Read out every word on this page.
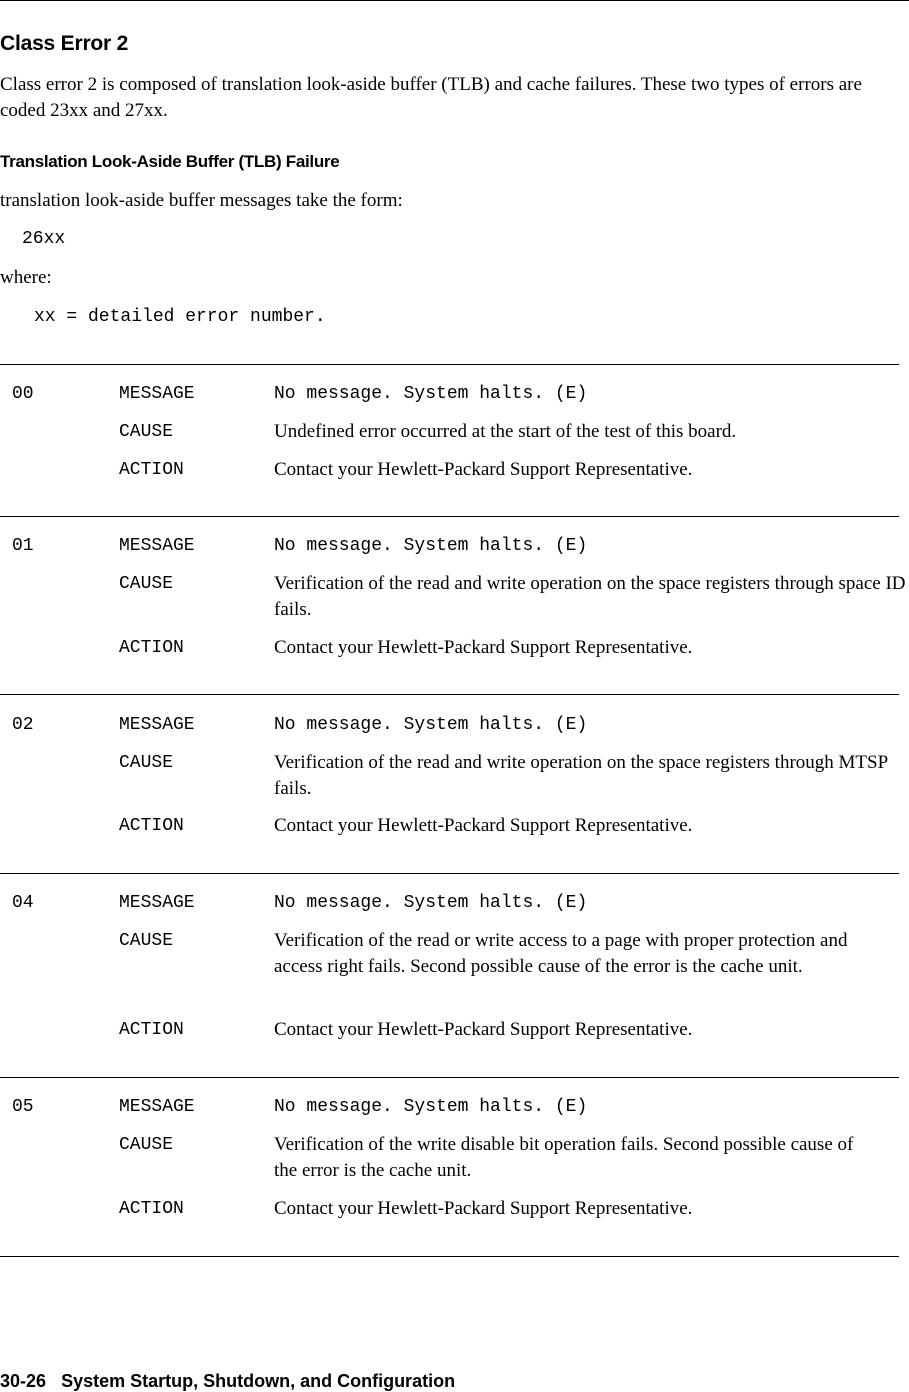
Class Error 2
Class error 2 is composed of translation look-aside buffer (TLB) and cache failures. These two types of errors are coded 23xx and 27xx.
Translation Look-Aside Buffer (TLB) Failure
translation look-aside buffer messages take the form:
26xx
where:
xx = detailed error number.
00	MESSAGE	No message. System halts. (E)
CAUSE	Undefined error occurred at the start of the test of this board.
ACTION	Contact your Hewlett-Packard Support Representative.
01	MESSAGE	No message. System halts. (E)
CAUSE	Verification of the read and write operation on the space registers through space ID fails.
ACTION	Contact your Hewlett-Packard Support Representative.
02	MESSAGE	No message. System halts. (E)
CAUSE	Verification of the read and write operation on the space registers through MTSP fails.
ACTION	Contact your Hewlett-Packard Support Representative.
04	MESSAGE	No message. System halts. (E)
CAUSE	Verification of the read or write access to a page with proper protection and access right fails. Second possible cause of the error is the cache unit.
ACTION	Contact your Hewlett-Packard Support Representative.
05	MESSAGE	No message. System halts. (E)
CAUSE	Verification of the write disable bit operation fails. Second possible cause of the error is the cache unit.
ACTION	Contact your Hewlett-Packard Support Representative.
30-26 System Startup, Shutdown, and Configuration
